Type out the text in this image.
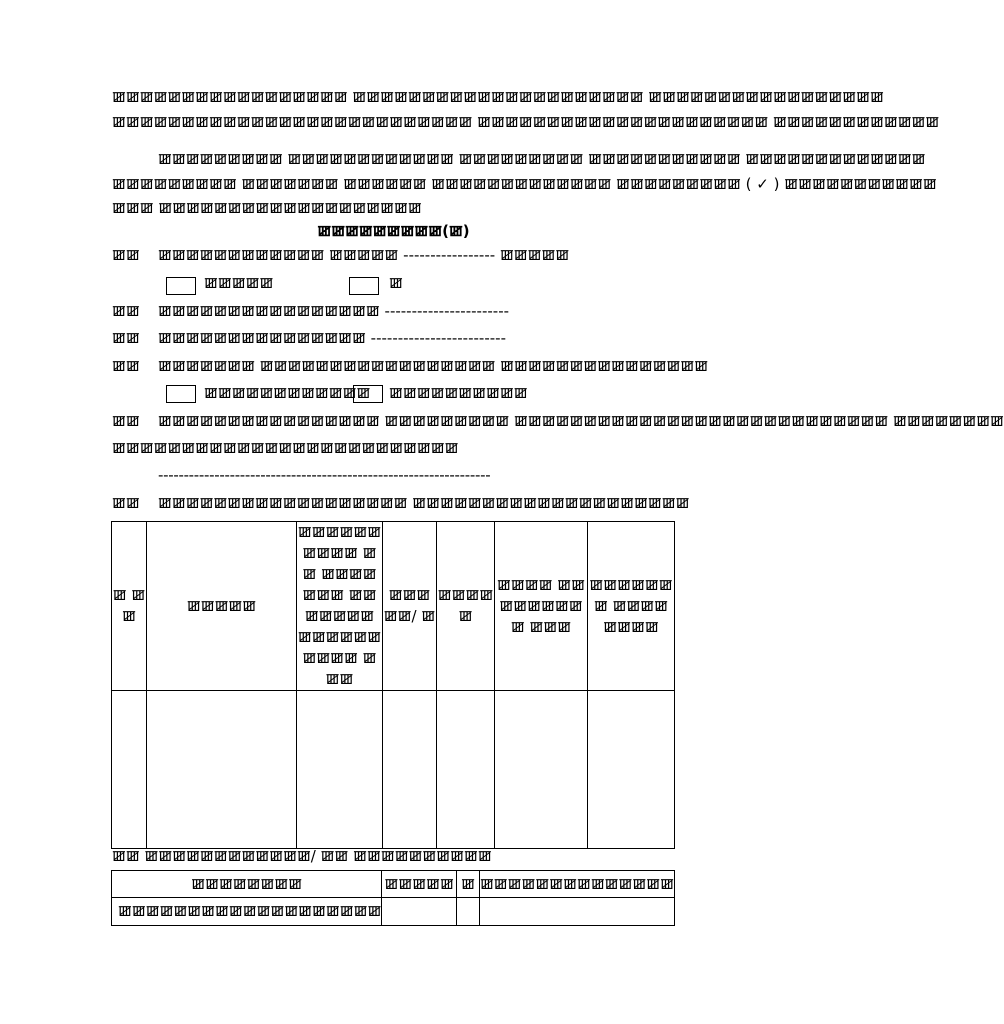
ꯀꯀꯀꯀꯀꯀꯀꯀꯀꯀꯀꯀꯀꯀꯀꯀꯀ ꯀꯀꯀꯀꯀꯀꯀꯀꯀꯀꯀꯀꯀꯀꯀꯀꯀꯀꯀꯀꯀ ꯀꯀꯀꯀꯀꯀꯀꯀꯀꯀꯀꯀꯀꯀꯀꯀꯀ
ꯀꯀꯀꯀꯀꯀꯀꯀꯀꯀꯀꯀꯀꯀꯀꯀꯀꯀꯀꯀꯀꯀꯀꯀꯀꯀ ꯀꯀꯀꯀꯀꯀꯀꯀꯀꯀꯀꯀꯀꯀꯀꯀꯀꯀꯀꯀꯀ ꯀꯀꯀꯀꯀꯀꯀꯀꯀꯀꯀꯀ
ꯀꯀꯀꯀꯀꯀꯀꯀꯀ ꯀꯀꯀꯀꯀꯀꯀꯀꯀꯀꯀꯀ ꯀꯀꯀꯀꯀꯀꯀꯀꯀ ꯀꯀꯀꯀꯀꯀꯀꯀꯀꯀꯀ ꯀꯀꯀꯀꯀꯀꯀꯀꯀꯀꯀꯀꯀ
ꯀꯀꯀꯀꯀꯀꯀꯀꯀ ꯀꯀꯀꯀꯀꯀꯀ ꯀꯀꯀꯀꯀꯀ ꯀꯀꯀꯀꯀꯀꯀꯀꯀꯀꯀꯀꯀ ꯀꯀꯀꯀꯀꯀꯀꯀꯀ ( ✓ ) ꯀꯀꯀꯀꯀꯀꯀꯀꯀꯀꯀ
ꯀꯀꯀ ꯀꯀꯀꯀꯀꯀꯀꯀꯀꯀꯀꯀꯀꯀꯀꯀꯀꯀꯀ
ꯀꯀꯀꯀꯀꯀꯀꯀꯀ(ꯀ)
ꯀꯀ ꯀꯀꯀꯀꯀꯀꯀꯀꯀꯀꯀꯀ ꯀꯀꯀꯀꯀ ----------------- ꯀꯀꯀꯀꯀ
ꯀꯀꯀꯀꯀ	ꯀ
ꯀꯀ ꯀꯀꯀꯀꯀꯀꯀꯀꯀꯀꯀꯀꯀꯀꯀꯀ -----------------------
ꯀꯀ ꯀꯀꯀꯀꯀꯀꯀꯀꯀꯀꯀꯀꯀꯀꯀ -------------------------
ꯀꯀ ꯀꯀꯀꯀꯀꯀꯀ ꯀꯀꯀꯀꯀꯀꯀꯀꯀꯀꯀꯀꯀꯀꯀꯀꯀ ꯀꯀꯀꯀꯀꯀꯀꯀꯀꯀꯀꯀꯀꯀꯀ
ꯀꯀꯀꯀꯀꯀꯀꯀꯀꯀꯀꯀ ꯀꯀꯀꯀꯀꯀꯀꯀꯀꯀ
ꯀꯀ ꯀꯀꯀꯀꯀꯀꯀꯀꯀꯀꯀꯀꯀꯀꯀꯀ ꯀꯀꯀꯀꯀꯀꯀꯀꯀ ꯀꯀꯀꯀꯀꯀꯀꯀꯀꯀꯀꯀꯀꯀꯀꯀꯀꯀꯀꯀꯀꯀꯀꯀꯀꯀꯀ ꯀꯀꯀꯀꯀꯀꯀꯀ
ꯀꯀꯀꯀꯀꯀꯀꯀꯀꯀꯀꯀꯀꯀꯀꯀꯀꯀꯀꯀꯀꯀꯀꯀꯀ
-----------------------------------------------------------------
ꯀꯀ ꯀꯀꯀꯀꯀꯀꯀꯀꯀꯀꯀꯀꯀꯀꯀꯀꯀꯀ ꯀꯀꯀꯀꯀꯀꯀꯀꯀꯀꯀꯀꯀꯀꯀꯀꯀꯀꯀꯀ
ꯀ ꯀꯀ	ꯀꯀꯀꯀꯀ	ꯀꯀꯀꯀꯀꯀꯀꯀꯀꯀ ꯀꯀ ꯀꯀꯀꯀꯀꯀꯀ ꯀꯀꯀꯀꯀꯀꯀ ꯀꯀꯀꯀꯀꯀꯀꯀꯀꯀ ꯀꯀꯀ	ꯀꯀꯀꯀꯀ/ ꯀ	ꯀꯀꯀꯀꯀ	ꯀꯀꯀꯀ ꯀꯀꯀꯀꯀꯀꯀꯀꯀ ꯀꯀꯀ	ꯀꯀꯀꯀꯀꯀꯀ ꯀꯀꯀꯀꯀꯀꯀꯀ

ꯀꯀ ꯀꯀꯀꯀꯀꯀꯀꯀꯀꯀꯀꯀ/ ꯀꯀ ꯀꯀꯀꯀꯀꯀꯀꯀꯀꯀ
ꯀꯀꯀꯀꯀꯀꯀꯀ	ꯀꯀꯀꯀꯀ	ꯀ	ꯀꯀꯀꯀꯀꯀꯀꯀꯀꯀꯀꯀꯀꯀ
ꯀꯀꯀꯀꯀꯀꯀꯀꯀꯀꯀꯀꯀꯀꯀꯀꯀꯀꯀ			
